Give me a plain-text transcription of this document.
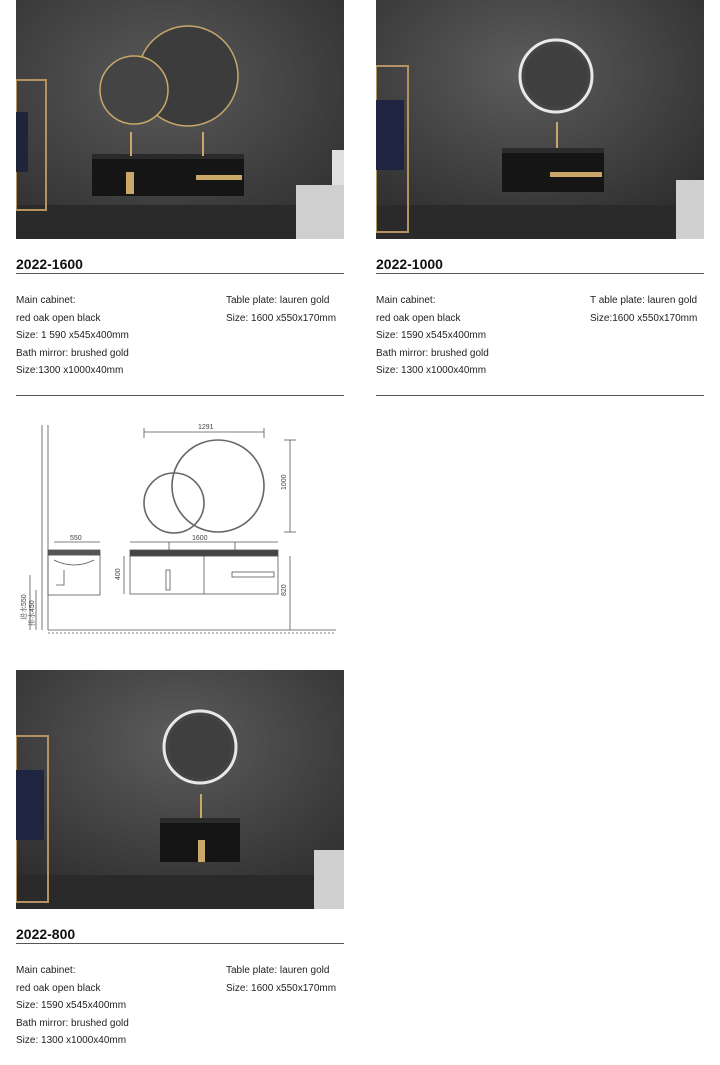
2022-1600
Main cabinet:
red oak open black
Size: 1 590 x545x400mm
Bath mirror: brushed gold
Size:1300 x1000x40mm
Table plate: lauren gold
Size: 1600 x550x170mm
2022-1000
Main cabinet:
red oak open black
Size: 1590 x545x400mm
Bath mirror: brushed gold
Size: 1300 x1000x40mm
T able plate: lauren gold
Size:1600 x550x170mm
1291
1000
1600
550
400
820
进水550 排水450
2022-800
Main cabinet:
red oak open black
Size: 1590 x545x400mm
Bath mirror: brushed gold
Size: 1300 x1000x40mm
Table plate: lauren gold
Size: 1600 x550x170mm
